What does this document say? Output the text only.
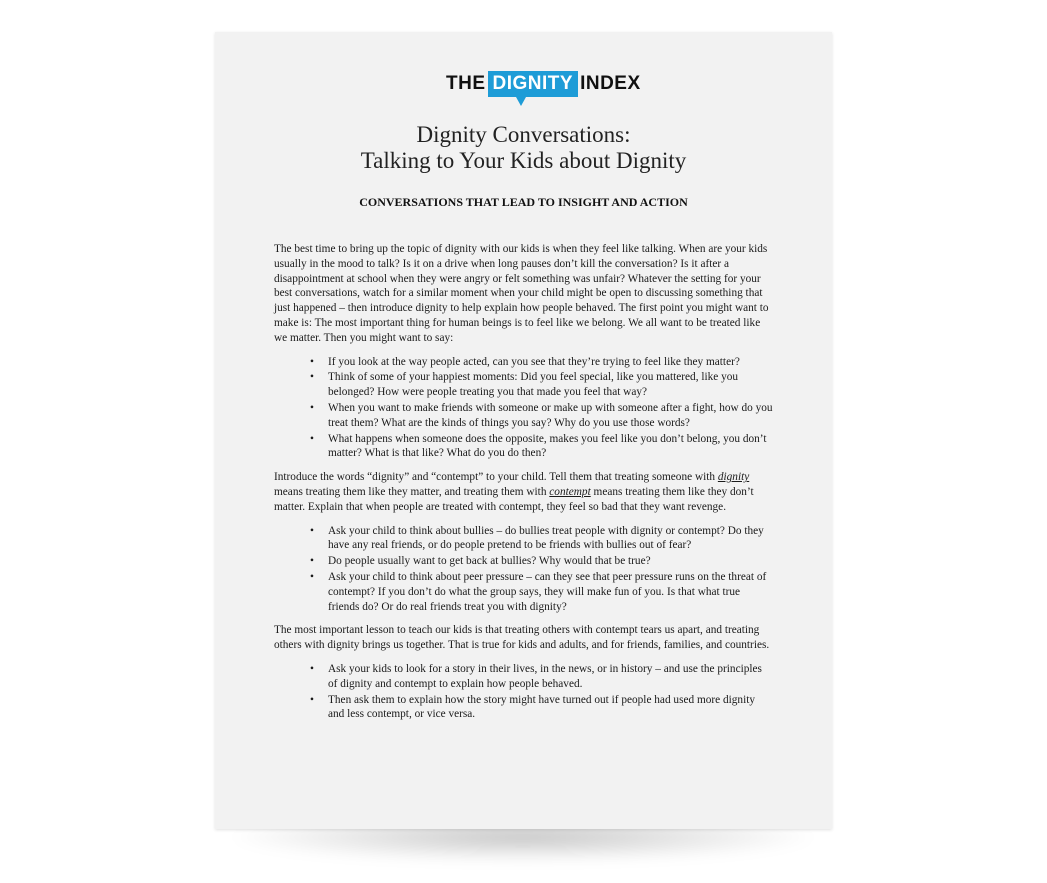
THE DIGNITY INDEX
Dignity Conversations:
Talking to Your Kids about Dignity
CONVERSATIONS THAT LEAD TO INSIGHT AND ACTION

The best time to bring up the topic of dignity with our kids is when they feel like talking. When are your kids usually in the mood to talk? Is it on a drive when long pauses don’t kill the conversation? Is it after a disappointment at school when they were angry or felt something was unfair? Whatever the setting for your best conversations, watch for a similar moment when your child might be open to discussing something that just happened – then introduce dignity to help explain how people behaved. The first point you might want to make is: The most important thing for human beings is to feel like we belong. We all want to be treated like we matter. Then you might want to say:

• If you look at the way people acted, can you see that they’re trying to feel like they matter?
• Think of some of your happiest moments: Did you feel special, like you mattered, like you belonged? How were people treating you that made you feel that way?
• When you want to make friends with someone or make up with someone after a fight, how do you treat them? What are the kinds of things you say? Why do you use those words?
• What happens when someone does the opposite, makes you feel like you don’t belong, you don’t matter? What is that like? What do you do then?

Introduce the words “dignity” and “contempt” to your child. Tell them that treating someone with dignity means treating them like they matter, and treating them with contempt means treating them like they don’t matter. Explain that when people are treated with contempt, they feel so bad that they want revenge.

• Ask your child to think about bullies – do bullies treat people with dignity or contempt? Do they have any real friends, or do people pretend to be friends with bullies out of fear?
• Do people usually want to get back at bullies? Why would that be true?
• Ask your child to think about peer pressure – can they see that peer pressure runs on the threat of contempt? If you don’t do what the group says, they will make fun of you. Is that what true friends do? Or do real friends treat you with dignity?

The most important lesson to teach our kids is that treating others with contempt tears us apart, and treating others with dignity brings us together. That is true for kids and adults, and for friends, families, and countries.

• Ask your kids to look for a story in their lives, in the news, or in history – and use the principles of dignity and contempt to explain how people behaved.
• Then ask them to explain how the story might have turned out if people had used more dignity and less contempt, or vice versa.
